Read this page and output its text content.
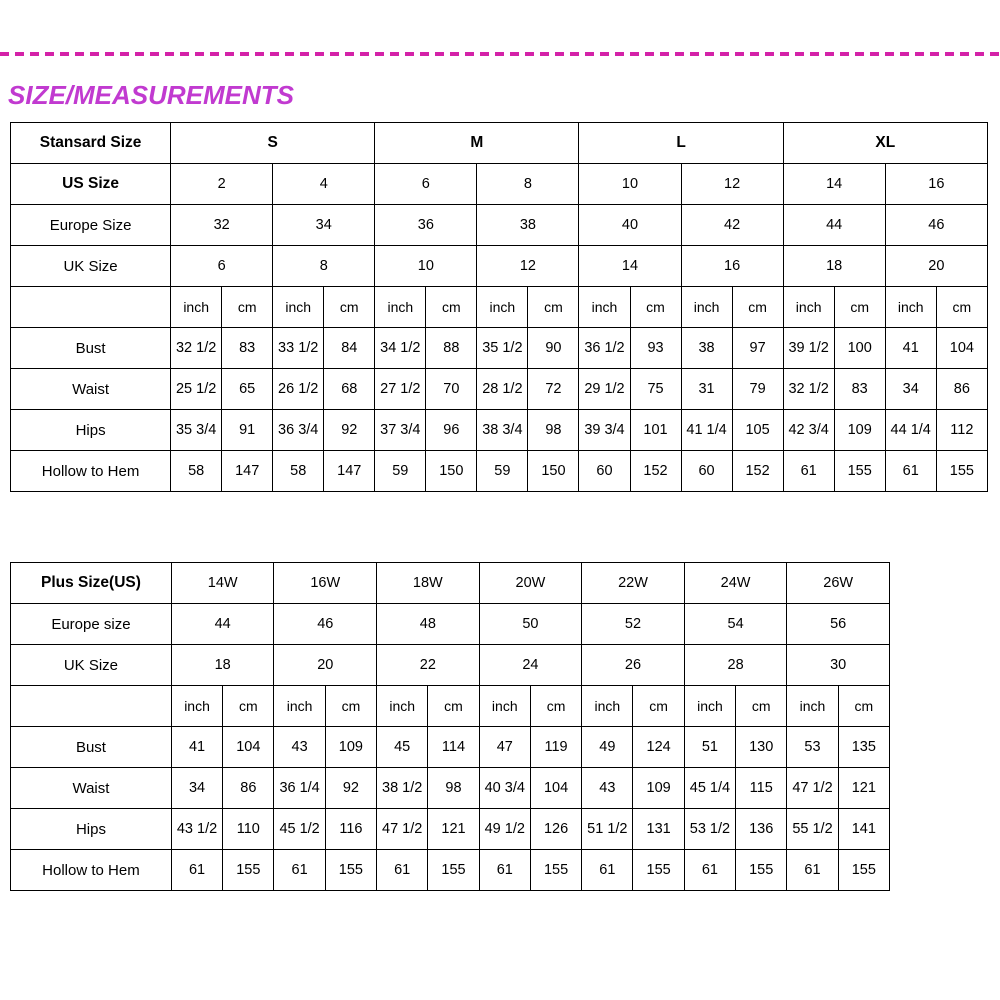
SIZE/MEASUREMENTS
Stansard Size	S				M				L				XL			
US Size	2		4		6		8		10		12		14		16	
Europe Size	32		34		36		38		40		42		44		46	
UK Size	6		8		10		12		14		16		18		20	
	inch	cm	inch	cm	inch	cm	inch	cm	inch	cm	inch	cm	inch	cm	inch	cm
Bust	32 1/2	83	33 1/2	84	34 1/2	88	35 1/2	90	36 1/2	93	38	97	39 1/2	100	41	104
Waist	25 1/2	65	26 1/2	68	27 1/2	70	28 1/2	72	29 1/2	75	31	79	32 1/2	83	34	86
Hips	35 3/4	91	36 3/4	92	37 3/4	96	38 3/4	98	39 3/4	101	41 1/4	105	42 3/4	109	44 1/4	112
Hollow to Hem	58	147	58	147	59	150	59	150	60	152	60	152	61	155	61	155
Plus Size(US)	14W		16W		18W		20W		22W		24W		26W	
Europe size	44		46		48		50		52		54		56	
UK Size	18		20		22		24		26		28		30	
	inch	cm	inch	cm	inch	cm	inch	cm	inch	cm	inch	cm	inch	cm
Bust	41	104	43	109	45	114	47	119	49	124	51	130	53	135
Waist	34	86	36 1/4	92	38 1/2	98	40 3/4	104	43	109	45 1/4	115	47 1/2	121
Hips	43 1/2	110	45 1/2	116	47 1/2	121	49 1/2	126	51 1/2	131	53 1/2	136	55 1/2	141
Hollow to Hem	61	155	61	155	61	155	61	155	61	155	61	155	61	155
